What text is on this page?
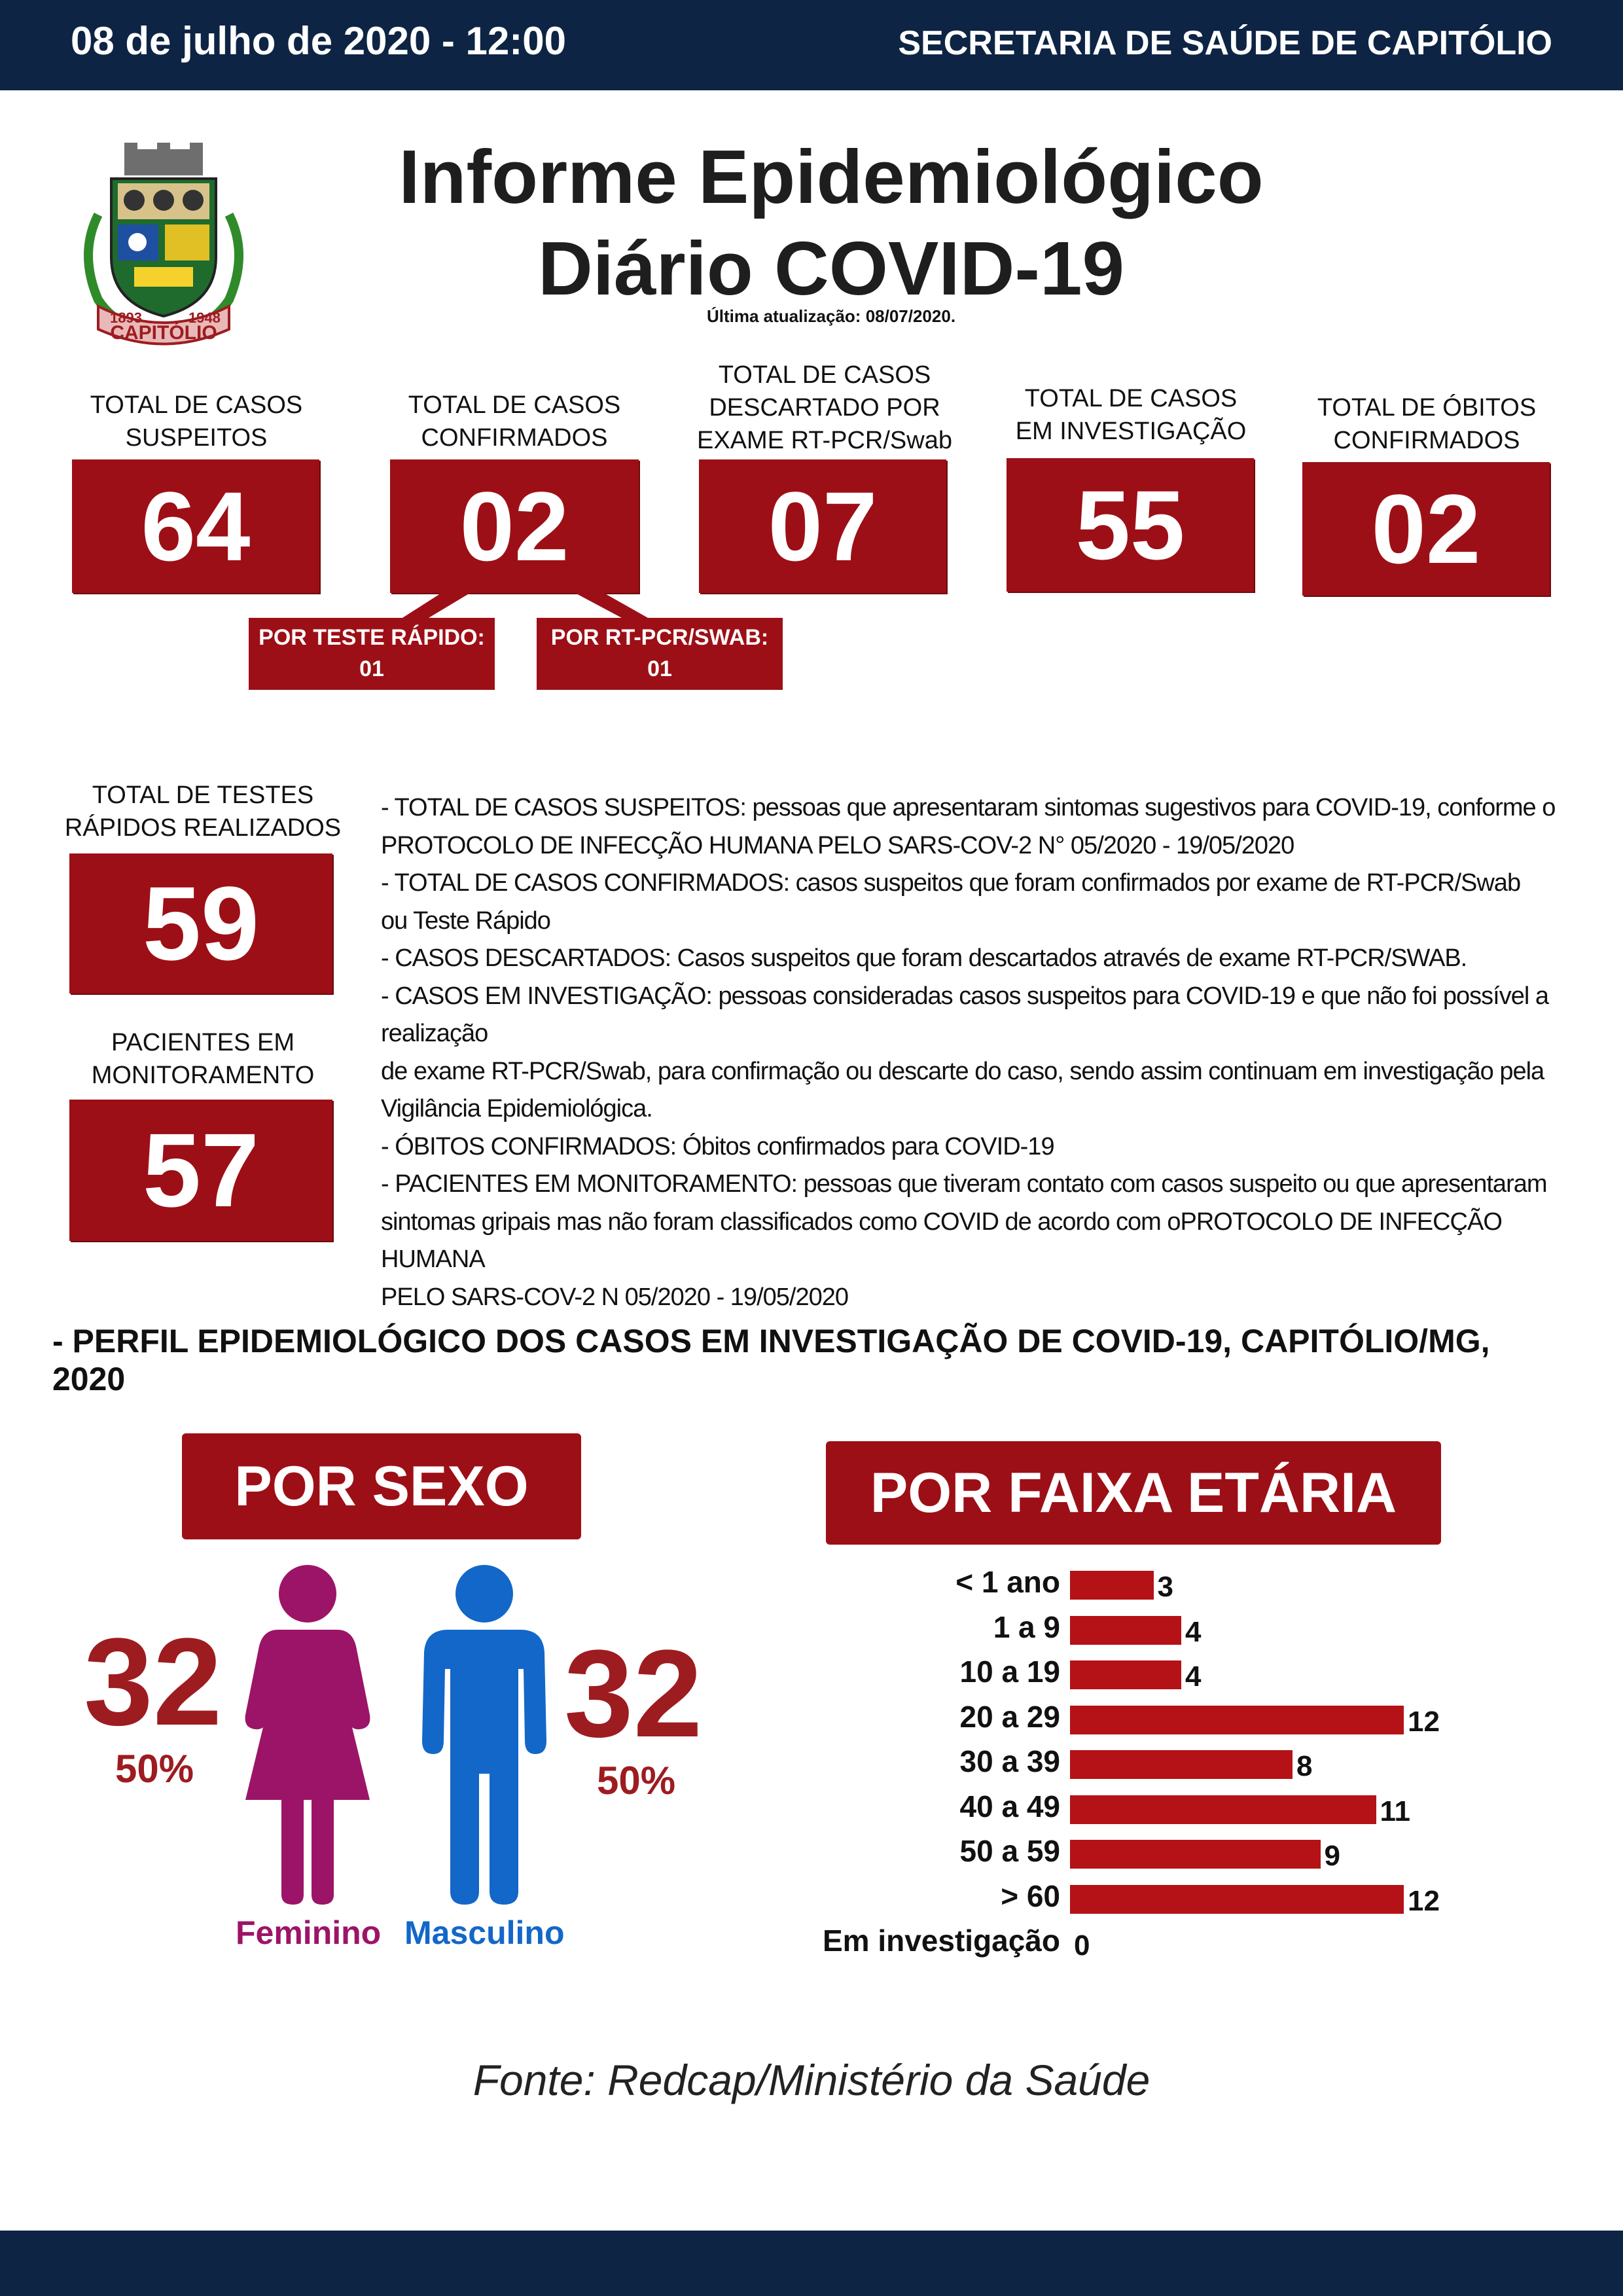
08 de julho de 2020 - 12:00	SECRETARIA DE SAÚDE DE CAPITÓLIO
CAPITÓLIO
1893	1948
Informe Epidemiológico
Diário COVID-19
Última atualização: 08/07/2020.
TOTAL DE CASOS
SUSPEITOS
64
TOTAL DE CASOS
CONFIRMADOS
02
POR TESTE RÁPIDO:
01
POR RT-PCR/SWAB:
01
TOTAL DE CASOS
DESCARTADO POR
EXAME RT-PCR/Swab
07
TOTAL DE CASOS
EM INVESTIGAÇÃO
55
TOTAL DE ÓBITOS
CONFIRMADOS
02
TOTAL DE TESTES
RÁPIDOS REALIZADOS
59
PACIENTES EM
MONITORAMENTO
57

- TOTAL DE CASOS SUSPEITOS: pessoas que apresentaram sintomas sugestivos para COVID-19, conforme o

PROTOCOLO DE INFECÇÃO HUMANA PELO SARS-COV-2 N° 05/2020 - 19/05/2020

- TOTAL DE CASOS CONFIRMADOS: casos suspeitos que foram confirmados por exame de RT-PCR/Swab

ou Teste Rápido

- CASOS DESCARTADOS: Casos suspeitos que foram descartados através de exame RT-PCR/SWAB.

- CASOS EM INVESTIGAÇÃO: pessoas consideradas casos suspeitos para COVID-19 e que não foi possível a realização

de exame RT-PCR/Swab, para confirmação ou descarte do caso, sendo assim continuam em investigação pela

Vigilância Epidemiológica.

- ÓBITOS CONFIRMADOS: Óbitos confirmados para COVID-19

- PACIENTES EM MONITORAMENTO: pessoas que tiveram contato com casos suspeito ou que apresentaram

sintomas gripais mas não foram classificados como COVID de acordo com oPROTOCOLO DE INFECÇÃO HUMANA

PELO SARS-COV-2 N 05/2020 - 19/05/2020

- PERFIL EPIDEMIOLÓGICO DOS CASOS EM INVESTIGAÇÃO DE COVID-19, CAPITÓLIO/MG, 2020
POR SEXO
32
50%
32
50%
Feminino Masculino
POR FAIXA ETÁRIA
< 1 ano	3
1 a 9	4
10 a 19	4
20 a 29	12
30 a 39	8
40 a 49	11
50 a 59	9
> 60	12
Em investigação 0
Fonte: Redcap/Ministério da Saúde
